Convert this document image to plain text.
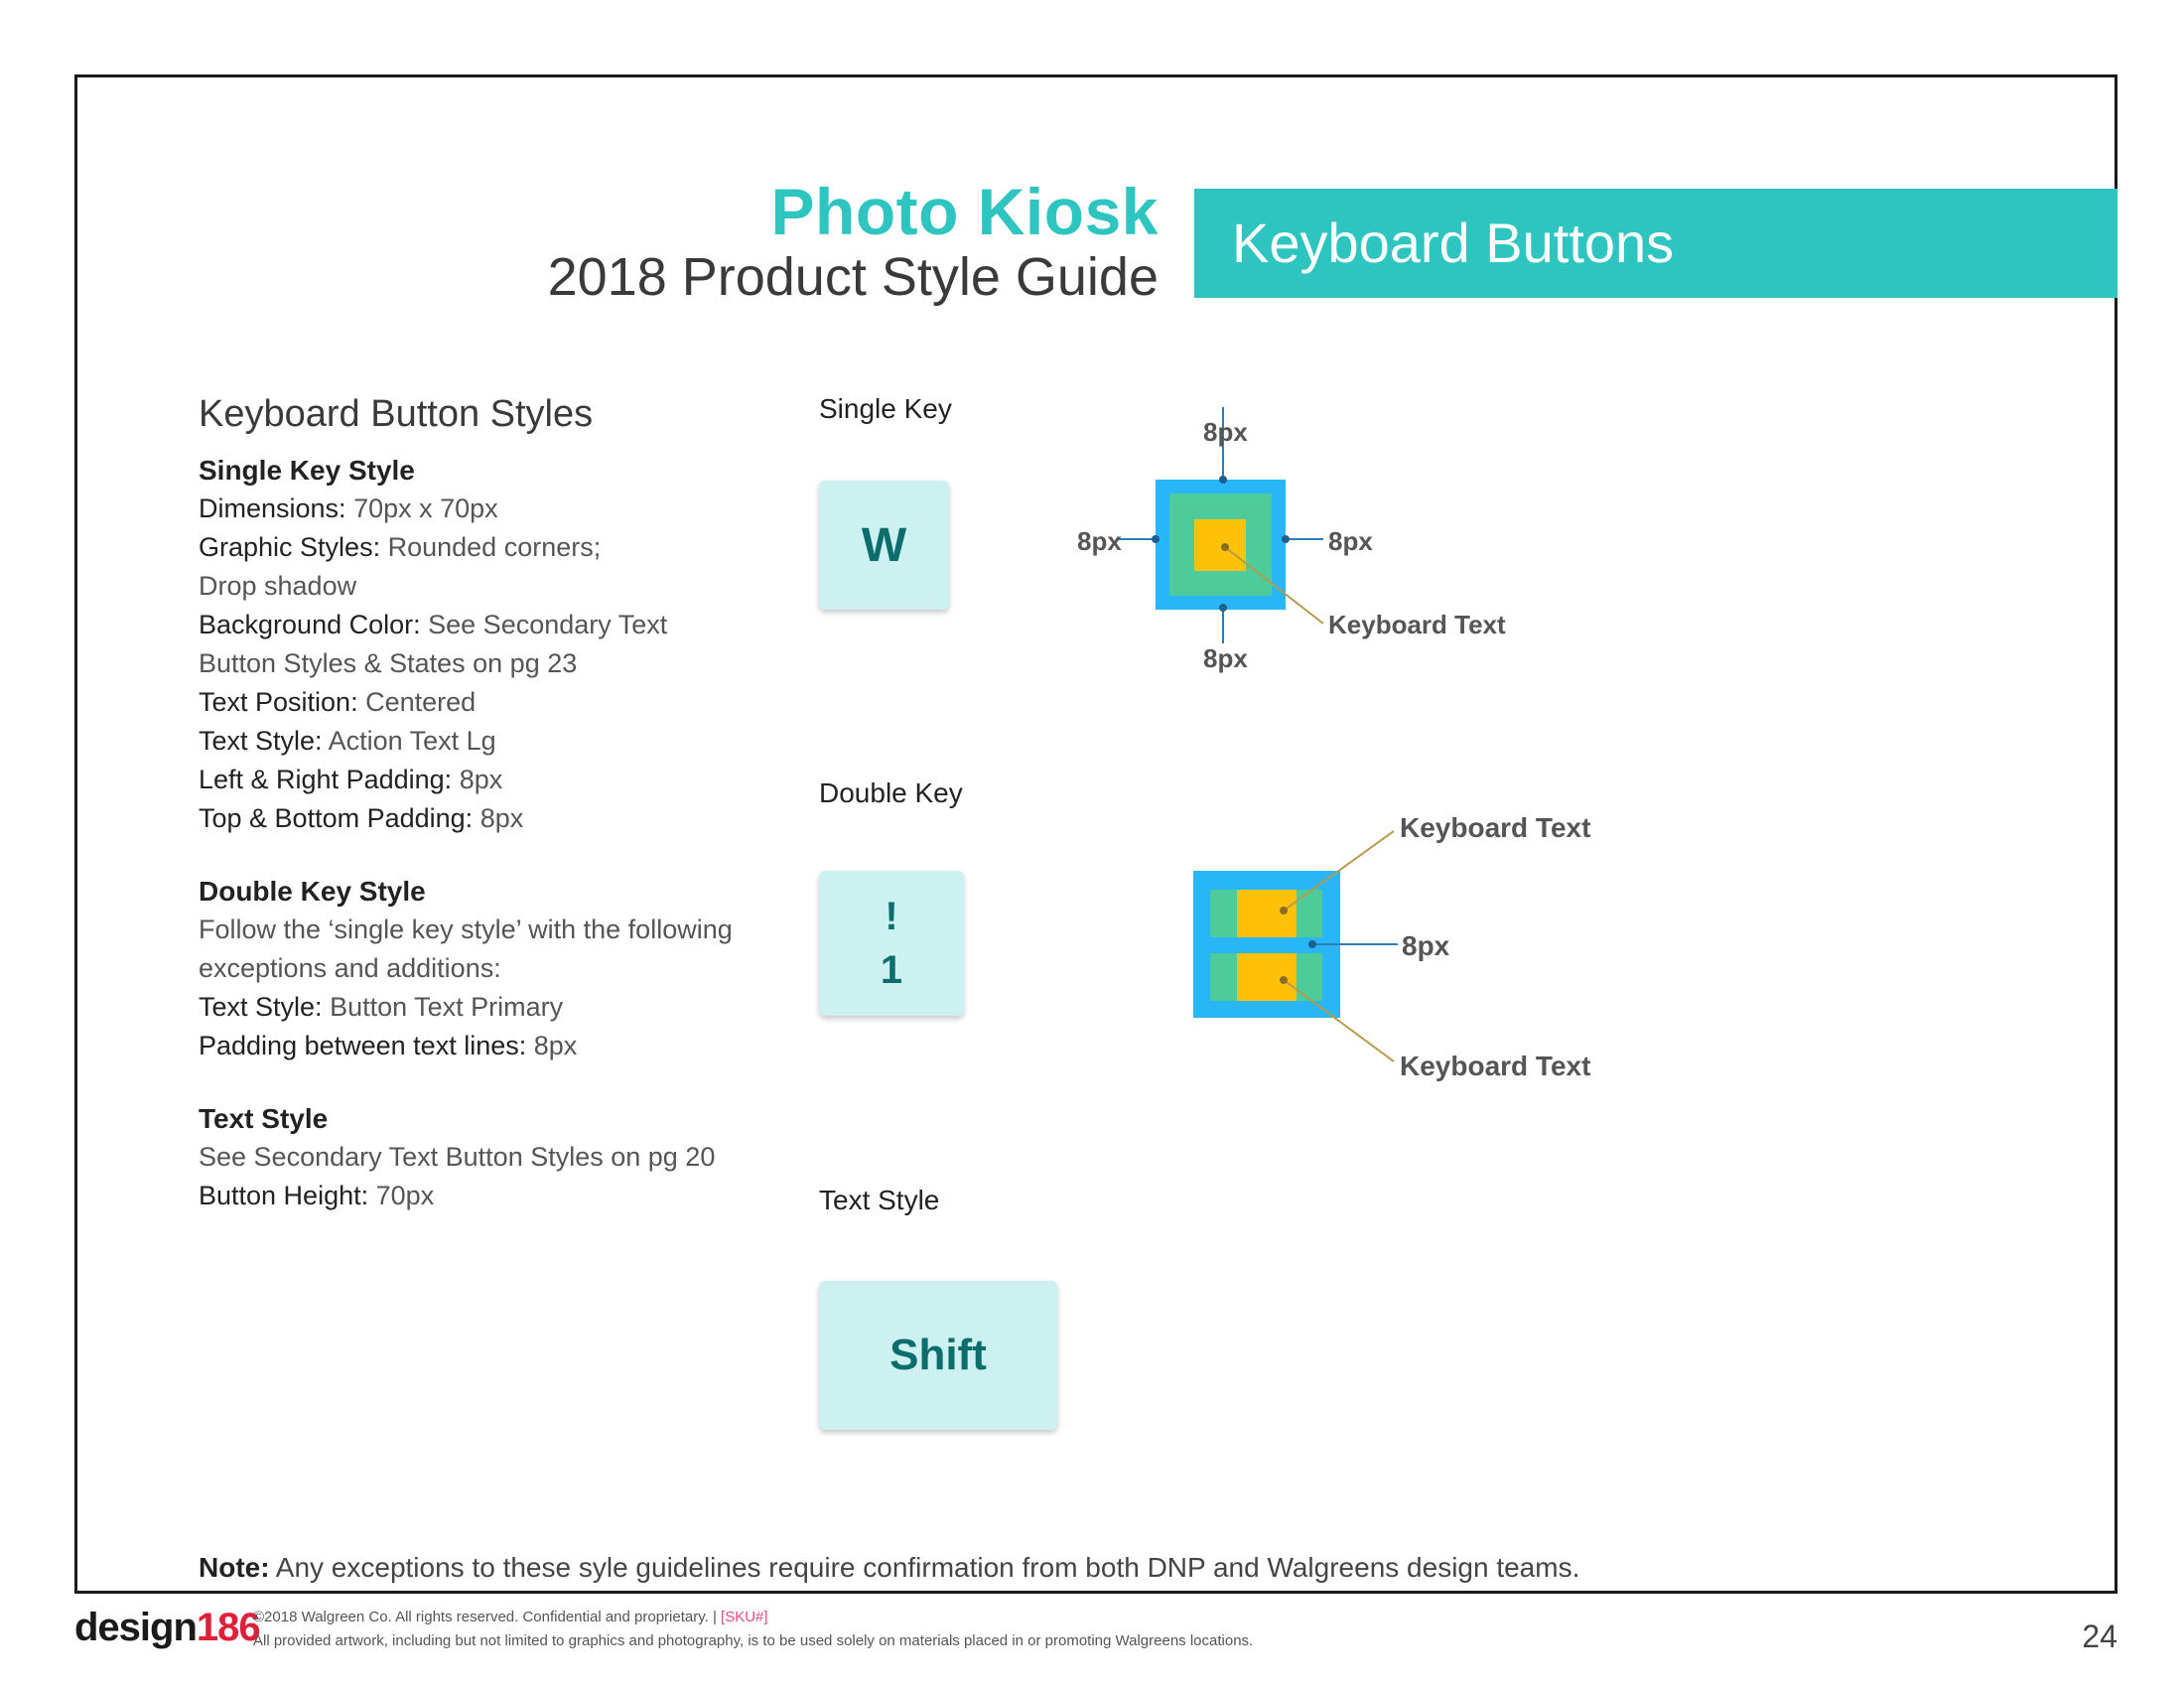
Photo Kiosk
2018 Product Style Guide
Keyboard Buttons
Keyboard Button Styles
Single Key Style
Dimensions: 70px x 70px
Graphic Styles: Rounded corners;
Drop shadow
Background Color: See Secondary Text
Button Styles & States on pg 23
Text Position: Centered
Text Style: Action Text Lg
Left & Right Padding: 8px
Top & Bottom Padding: 8px
Double Key Style
Follow the ‘single key style’ with the following
exceptions and additions:
Text Style: Button Text Primary
Padding between text lines: 8px
Text Style
See Secondary Text Button Styles on pg 20
Button Height: 70px
Single Key
W
Double Key
!
1
Text Style
Shift
8px
8px	8px
8px
Keyboard Text
Keyboard Text
8px
Keyboard Text
Note: Any exceptions to these syle guidelines require confirmation from both DNP and Walgreens design teams.
design186
©2018 Walgreen Co. All rights reserved. Confidential and proprietary. | [SKU#]
All provided artwork, including but not limited to graphics and photography, is to be used solely on materials placed in or promoting Walgreens locations.	24
